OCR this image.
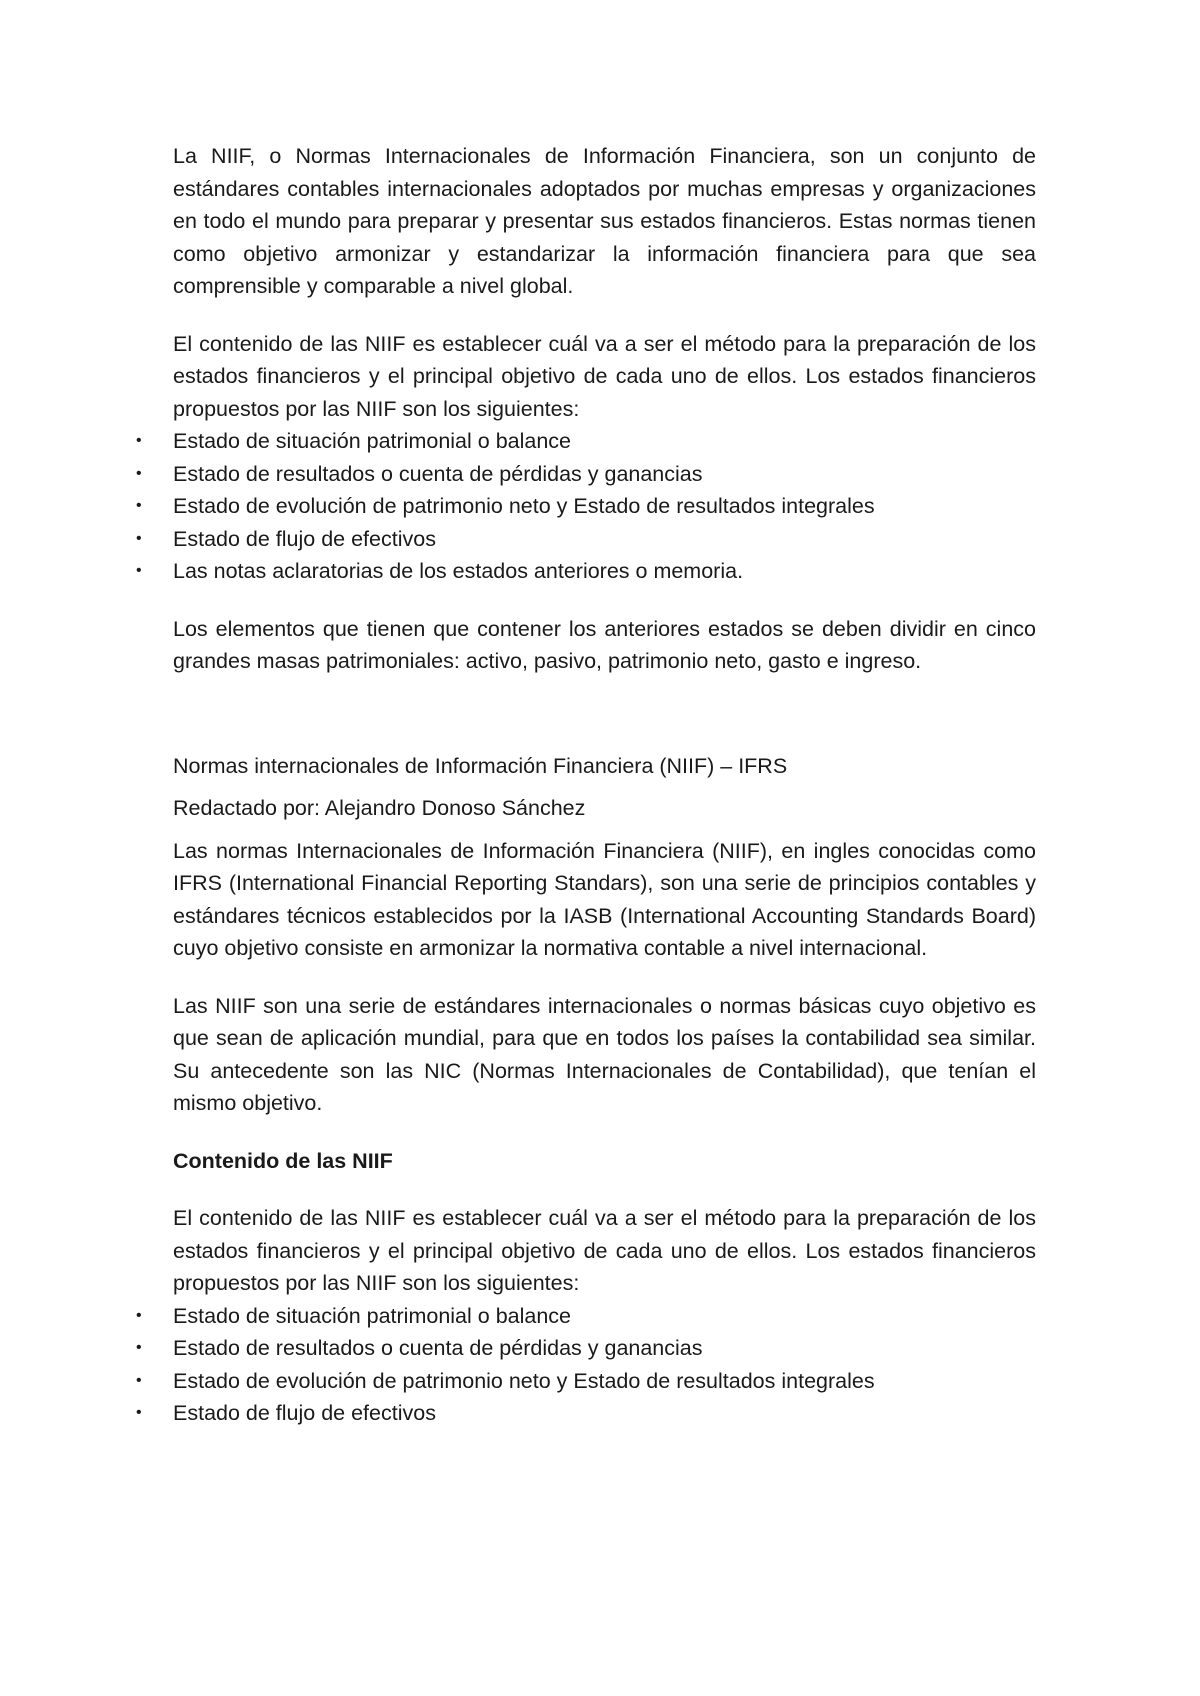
La NIIF, o Normas Internacionales de Información Financiera, son un conjunto de estándares contables internacionales adoptados por muchas empresas y organizaciones en todo el mundo para preparar y presentar sus estados financieros. Estas normas tienen como objetivo armonizar y estandarizar la información financiera para que sea comprensible y comparable a nivel global.

El contenido de las NIIF es establecer cuál va a ser el método para la preparación de los estados financieros y el principal objetivo de cada uno de ellos. Los estados financieros propuestos por las NIIF son los siguientes:

• Estado de situación patrimonial o balance
• Estado de resultados o cuenta de pérdidas y ganancias
• Estado de evolución de patrimonio neto y Estado de resultados integrales
• Estado de flujo de efectivos
• Las notas aclaratorias de los estados anteriores o memoria.

Los elementos que tienen que contener los anteriores estados se deben dividir en cinco grandes masas patrimoniales: activo, pasivo, patrimonio neto, gasto e ingreso.

Normas internacionales de Información Financiera (NIIF) – IFRS

Redactado por: Alejandro Donoso Sánchez

Las normas Internacionales de Información Financiera (NIIF), en ingles conocidas como IFRS (International Financial Reporting Standars), son una serie de principios contables y estándares técnicos establecidos por la IASB (International Accounting Standards Board) cuyo objetivo consiste en armonizar la normativa contable a nivel internacional.

Las NIIF son una serie de estándares internacionales o normas básicas cuyo objetivo es que sean de aplicación mundial, para que en todos los países la contabilidad sea similar. Su antecedente son las NIC (Normas Internacionales de Contabilidad), que tenían el mismo objetivo.

Contenido de las NIIF

El contenido de las NIIF es establecer cuál va a ser el método para la preparación de los estados financieros y el principal objetivo de cada uno de ellos. Los estados financieros propuestos por las NIIF son los siguientes:

• Estado de situación patrimonial o balance
• Estado de resultados o cuenta de pérdidas y ganancias
• Estado de evolución de patrimonio neto y Estado de resultados integrales
• Estado de flujo de efectivos
